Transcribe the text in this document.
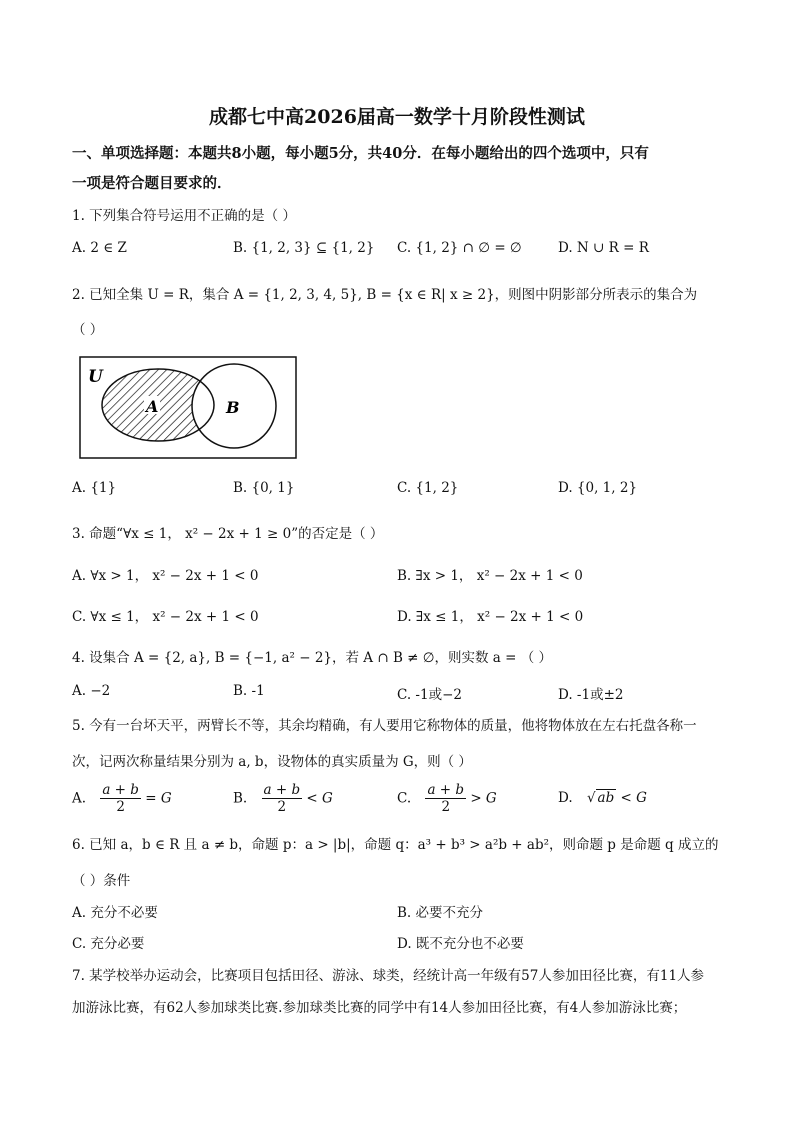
成都七中高2026届高一数学十月阶段性测试
一、单项选择题：本题共8小题，每小题5分，共40分．在每小题给出的四个选项中，只有
一项是符合题目要求的．
1. 下列集合符号运用不正确的是（ ）
A. 2 ∈ Z	B. {1, 2, 3} ⊆ {1, 2} C. {1, 2} ∩ ∅ = ∅	D. N ∪ R = R
2. 已知全集 U = R，集合 A = {1, 2, 3, 4, 5}, B = {x ∈ R| x ≥ 2}，则图中阴影部分所表示的集合为
（ ）
U
A	B
A. {1}	B. {0, 1}	C. {1, 2}	D. {0, 1, 2}
3. 命题“∀x ≤ 1， x² − 2x + 1 ≥ 0”的否定是（ ）
A. ∀x > 1， x² − 2x + 1 < 0	B. ∃x > 1， x² − 2x + 1 < 0
C. ∀x ≤ 1， x² − 2x + 1 < 0	D. ∃x ≤ 1， x² − 2x + 1 < 0
4. 设集合 A = {2, a}, B = {−1, a² − 2}，若 A ∩ B ≠ ∅，则实数 a = （ ）
A. −2	B. -1	C. -1或−2	D. -1或±2
5. 今有一台坏天平，两臂长不等，其余均精确，有人要用它称物体的质量，他将物体放在左右托盘各称一
次，记两次称量结果分别为 a, b，设物体的真实质量为 G，则（ ）
A. $\frac{a + b}{2} = G$	B. $\frac{a + b}{2} < G$	C. $\frac{a + b}{2} > G$	D. √ ab < G
6. 已知 a，b ∈ R 且 a ≠ b，命题 p：a > |b|，命题 q：a³ + b³ > a²b + ab²，则命题 p 是命题 q 成立的
（ ）条件
A. 充分不必要	B. 必要不充分
C. 充分必要	D. 既不充分也不必要
7. 某学校举办运动会，比赛项目包括田径、游泳、球类，经统计高一年级有57人参加田径比赛，有11人参
加游泳比赛，有62人参加球类比赛.参加球类比赛的同学中有14人参加田径比赛，有4人参加游泳比赛；
